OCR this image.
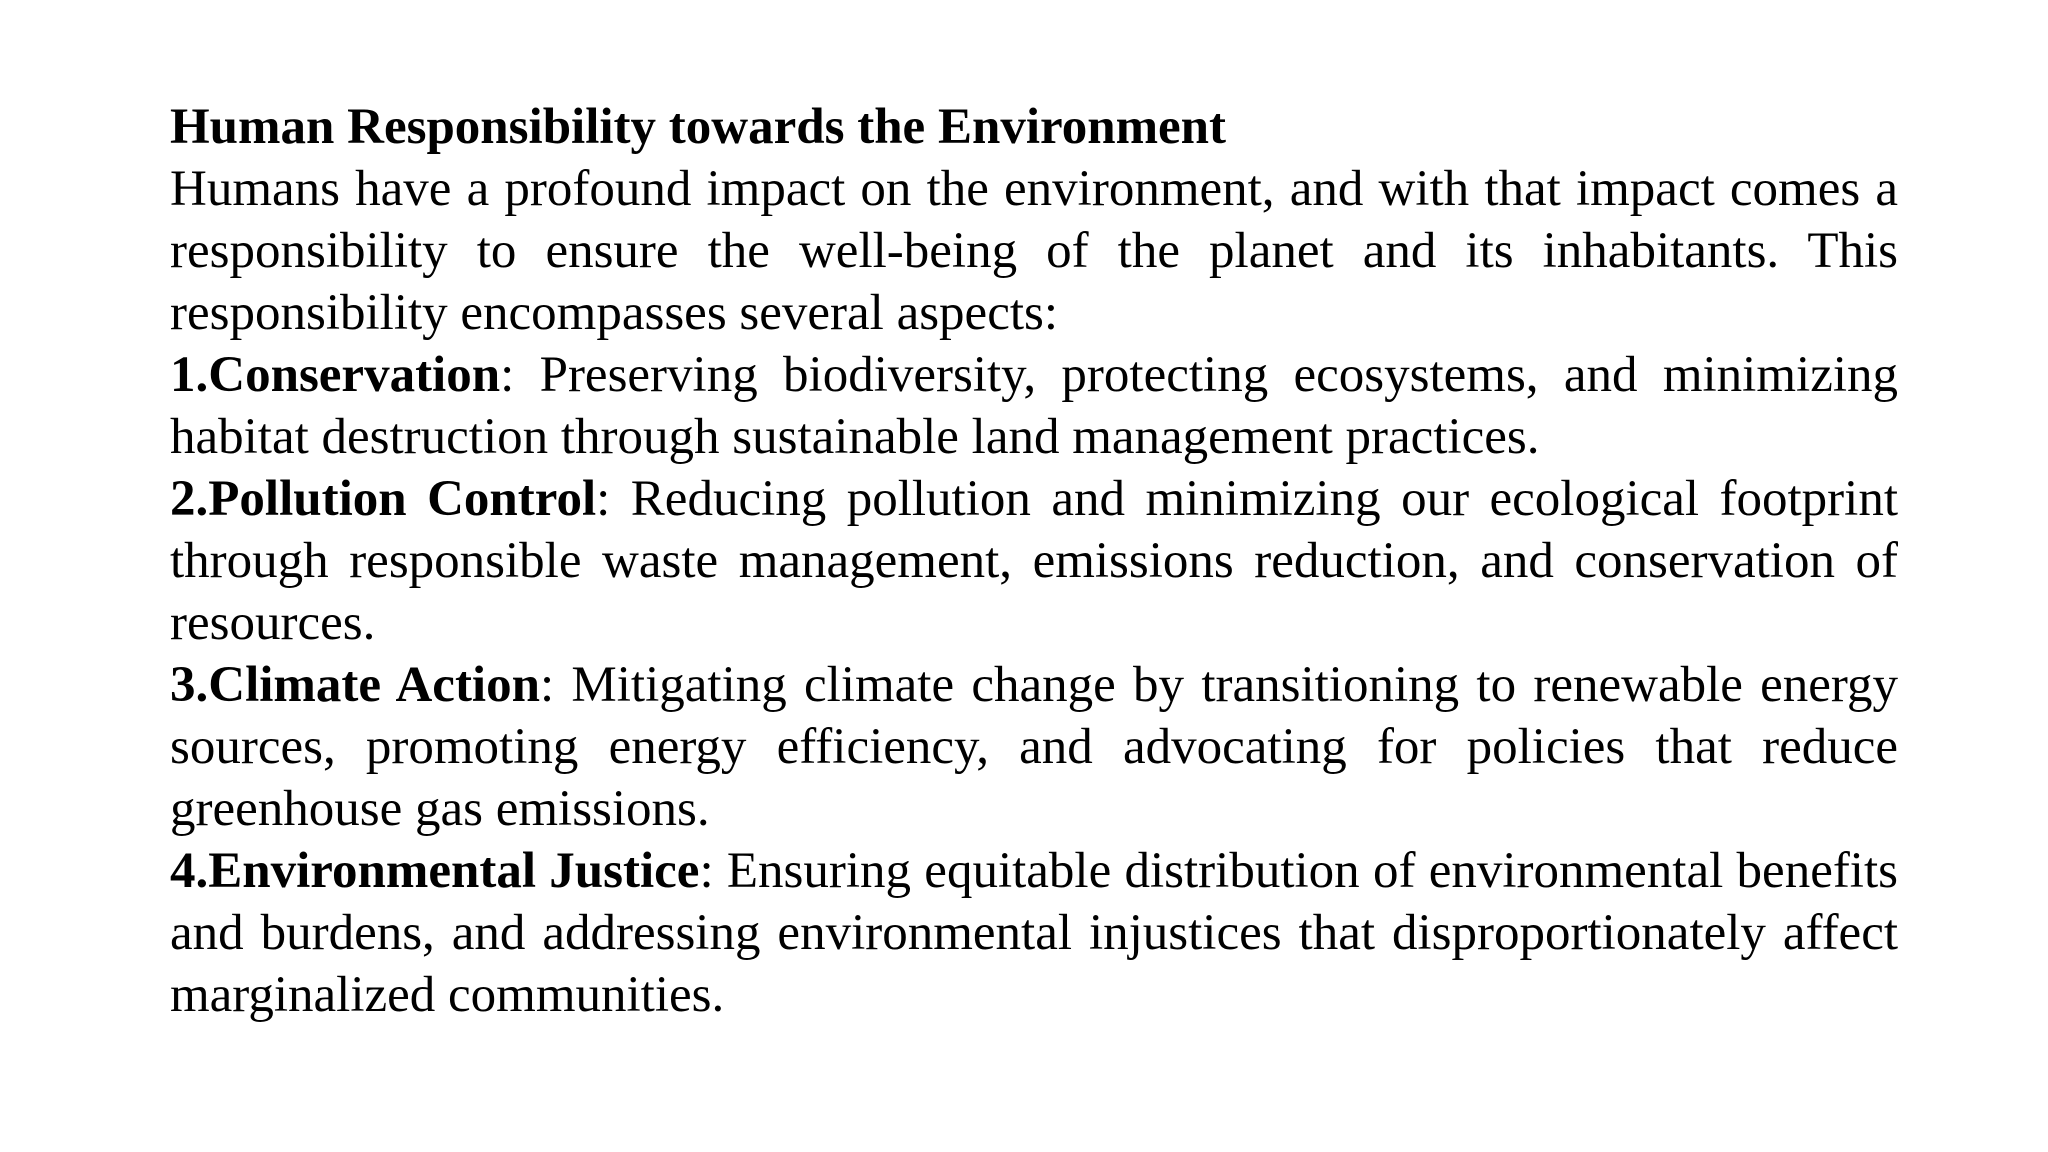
Human Responsibility towards the Environment

Humans have a profound impact on the environment, and with that impact comes a responsibility to ensure the well-being of the planet and its inhabitants. This responsibility encompasses several aspects:

1.Conservation: Preserving biodiversity, protecting ecosystems, and minimizing habitat destruction through sustainable land management practices.

2.Pollution Control: Reducing pollution and minimizing our ecological footprint through responsible waste management, emissions reduction, and conservation of resources.

3.Climate Action: Mitigating climate change by transitioning to renewable energy sources, promoting energy efficiency, and advocating for policies that reduce greenhouse gas emissions.

4.Environmental Justice: Ensuring equitable distribution of environmental benefits and burdens, and addressing environmental injustices that disproportionately affect marginalized communities.
